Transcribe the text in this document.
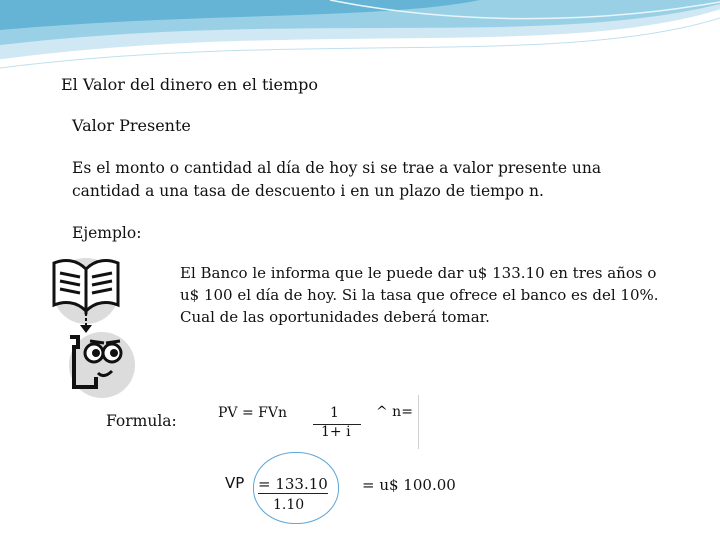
El Valor del dinero en el tiempo
Valor Presente
Es el monto o cantidad al día de hoy si se trae a valor presente una cantidad a una tasa de descuento i en un plazo de tiempo n.
Ejemplo:
El Banco le informa que le puede dar u$ 133.10 en tres años o u$ 100 el día de hoy. Si la tasa que ofrece el banco es del 10%. Cual de las oportunidades deberá tomar.
Formula:	PV = FVn	1
1+ i
^ n=
VP = 133.10
1.10
= u$ 100.00
